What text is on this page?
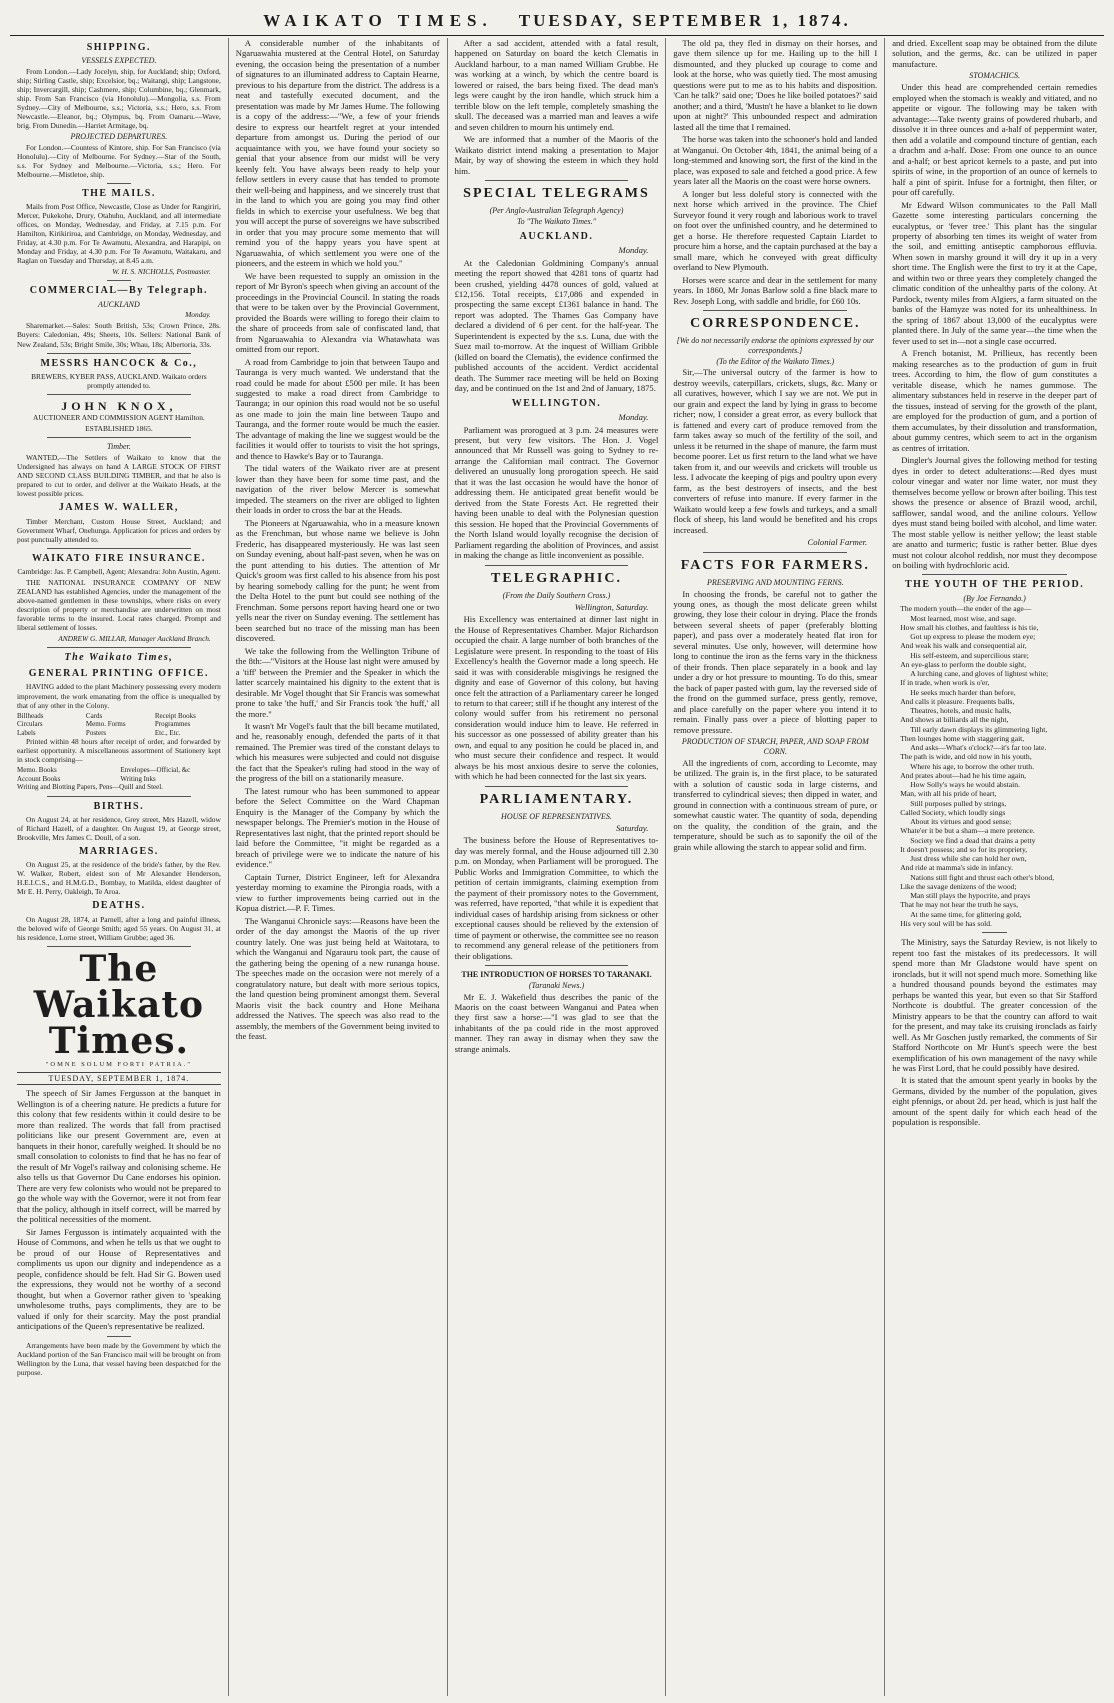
WAIKATO TIMES. TUESDAY, SEPTEMBER 1, 1874.
SHIPPING.
VESSELS EXPECTED.

From London.—Lady Jocelyn, ship, for Auckland; ship; Oxford, ship; Stirling Castle, ship; Excelsior, bq.; Waitangi, ship; Langstone, ship; Invercargill, ship; Cashmere, ship; Columbine, bq.; Glenmark, ship. From San Francisco (via Honolulu).—Mongolia, s.s. From Sydney.—City of Melbourne, s.s.; Victoria, s.s.; Hero, s.s. From Newcastle.—Eleanor, bq.; Olympus, bq. From Oamaru.—Wave, brig. From Dunedin.—Harriet Armitage, bq.

PROJECTED DEPARTURES.

For London.—Countess of Kintore, ship. For San Francisco (via Honolulu).—City of Melbourne. For Sydney.—Star of the South, s.s. For Sydney and Melbourne.—Victoria, s.s.; Hero. For Melbourne.—Mistletoe, ship.

THE MAILS.

Mails from Post Office, Newcastle, Close as Under for Rangiriri, Mercer, Pukekohe, Drury, Otahuhu, Auckland, and all intermediate offices, on Monday, Wednesday, and Friday, at 7.15 p.m. For Hamilton, Kirikiriroa, and Cambridge, on Monday, Wednesday, and Friday, at 4.30 p.m. For Te Awamutu, Alexandra, and Harapipi, on Monday and Friday, at 4.30 p.m. For Te Awamutu, Waitakaru, and Raglan on Tuesday and Thursday, at 8.45 a.m.

W. H. S. NICHOLLS, Postmaster.

COMMERCIAL—By Telegraph.
AUCKLAND

Monday.

Sharemarket.—Sales: South British, 53s; Crown Prince, 28s. Buyers: Caledonian, 49s; Sheets, 10s. Sellers: National Bank of New Zealand, 53s; Bright Smile, 30s; Whau, 18s; Albertoria, 33s.

MESSRS HANCOCK & Co.,

BREWERS, KYBER PASS, AUCKLAND. Waikato orders promptly attended to.

JOHN KNOX,

AUCTIONEER AND COMMISSION AGENT Hamilton.

ESTABLISHED 1865.

Timber.

WANTED,—The Settlers of Waikato to know that the Undersigned has always on hand A LARGE STOCK OF FIRST AND SECOND CLASS BUILDING TIMBER, and that he also is prepared to cut to order, and deliver at the Waikato Heads, at the lowest possible prices.

JAMES W. WALLER,

Timber Merchant, Custom House Street, Auckland; and Government Wharf, Onehunga. Application for prices and orders by post punctually attended to.

WAIKATO FIRE INSURANCE.

Cambridge: Jas. P. Campbell, Agent; Alexandra: John Austin, Agent.

THE NATIONAL INSURANCE COMPANY OF NEW ZEALAND has established Agencies, under the management of the above-named gentlemen in these townships, where risks on every description of property or merchandise are underwritten on most favorable terms to the insured. Local rates charged. Prompt and liberal settlement of losses.

ANDREW G. MILLAR, Manager Auckland Branch.

The Waikato Times,
GENERAL PRINTING OFFICE.

HAVING added to the plant Machinery possessing every modern improvement, the work emanating from the office is unequalled by that of any other in the Colony.

Billheads	Cards	Receipt Books
Circulars	Memo. Forms	Programmes
Labels	Posters	Etc., Etc.

Printed within 48 hours after receipt of order, and forwarded by earliest opportunity. A miscellaneous assortment of Stationery kept in stock comprising—

Memo. Books	Envelopes—Official, &c
Account Books	Writing Inks
Writing and Blotting Papers, Pens—Quill and Steel.
BIRTHS.

On August 24, at her residence, Grey street, Mrs Hazell, widow of Richard Hazell, of a daughter. On August 19, at George street, Brookville, Mrs James C. Doull, of a son.

MARRIAGES.

On August 25, at the residence of the bride's father, by the Rev. W. Walker, Robert, eldest son of Mr Alexander Henderson, H.E.I.C.S., and H.M.G.D., Bombay, to Matilda, eldest daughter of Mr E. H. Perry, Oakleigh, Te Aroa.

DEATHS.

On August 28, 1874, at Parnell, after a long and painful illness, the beloved wife of George Smith; aged 55 years. On August 31, at his residence, Lorne street, William Grubbe; aged 36.

The Waikato Times.
"OMNE SOLUM FORTI PATRIA."
TUESDAY, SEPTEMBER 1, 1874.

The speech of Sir James Fergusson at the banquet in Wellington is of a cheering nature. He predicts a future for this colony that few residents within it could desire to be more than realized. The words that fall from practised politicians like our present Government are, even at banquets in their honor, carefully weighed. It should be no small consolation to colonists to find that he has no fear of the result of Mr Vogel's railway and colonising scheme. He also tells us that Governor Du Cane endorses his opinion. There are very few colonists who would not be prepared to go the whole way with the Governor, were it not from fear that the policy, although in itself correct, will be marred by the political necessities of the moment.

Sir James Fergusson is intimately acquainted with the House of Commons, and when he tells us that we ought to be proud of our House of Representatives and compliments us upon our dignity and independence as a people, confidence should be felt. Had Sir G. Bowen used the expressions, they would not be worthy of a second thought, but when a Governor rather given to 'speaking unwholesome truths, pays compliments, they are to be valued if only for their scarcity. May the post prandial anticipations of the Queen's representative be realized.

Arrangements have been made by the Government by which the Auckland portion of the San Francisco mail will be brought on from Wellington by the Luna, that vessel having been despatched for the purpose.

A considerable number of the inhabitants of Ngaruawahia mustered at the Central Hotel, on Saturday evening, the occasion being the presentation of a number of signatures to an illuminated address to Captain Hearne, previous to his departure from the district. The address is a neat and tastefully executed document, and the presentation was made by Mr James Hume. The following is a copy of the address:—"We, a few of your friends desire to express our heartfelt regret at your intended departure from amongst us. During the period of our acquaintance with you, we have found your society so genial that your absence from our midst will be very keenly felt. You have always been ready to help your fellow settlers in every cause that has tended to promote their well-being and happiness, and we sincerely trust that in the land to which you are going you may find other fields in which to exercise your usefulness. We beg that you will accept the purse of sovereigns we have subscribed in order that you may procure some memento that will remind you of the happy years you have spent at Ngaruawahia, of which settlement you were one of the pioneers, and the esteem in which we hold you."

We have been requested to supply an omission in the report of Mr Byron's speech when giving an account of the proceedings in the Provincial Council. In stating the roads that were to be taken over by the Provincial Government, provided the Boards were willing to forego their claim to the share of proceeds from sale of confiscated land, that from Ngaruawahia to Alexandra via Whatawhata was omitted from our report.

A road from Cambridge to join that between Taupo and Tauranga is very much wanted. We understand that the road could be made for about £500 per mile. It has been suggested to make a road direct from Cambridge to Tauranga; in our opinion this road would not be so useful as one made to join the main line between Taupo and Tauranga, and the former route would be much the easier. The advantage of making the line we suggest would be the facilities it would offer to tourists to visit the hot springs, and thence to Hawke's Bay or to Tauranga.

The tidal waters of the Waikato river are at present lower than they have been for some time past, and the navigation of the river below Mercer is somewhat impeded. The steamers on the river are obliged to lighten their loads in order to cross the bar at the Heads.

The Pioneers at Ngaruawahia, who in a measure known as the Frenchman, but whose name we believe is John Frederic, has disappeared mysteriously. He was last seen on Sunday evening, about half-past seven, when he was on the punt attending to his duties. The attention of Mr Quick's groom was first called to his absence from his post by hearing somebody calling for the punt; he went from the Delta Hotel to the punt but could see nothing of the Frenchman. Some persons report having heard one or two yells near the river on Sunday evening. The settlement has been searched but no trace of the missing man has been discovered.

We take the following from the Wellington Tribune of the 8th:—"Visitors at the House last night were amused by a 'tiff' between the Premier and the Speaker in which the latter scarcely maintained his dignity to the extent that is desirable. Mr Vogel thought that Sir Francis was somewhat prone to take 'the huff,' and Sir Francis took 'the huff,' all the more."

It wasn't Mr Vogel's fault that the bill became mutilated, and he, reasonably enough, defended the parts of it that remained. The Premier was tired of the constant delays to which his measures were subjected and could not disguise the fact that the Speaker's ruling had stood in the way of the progress of the bill on a stationarily measure.

The latest rumour who has been summoned to appear before the Select Committee on the Ward Chapman Enquiry is the Manager of the Company by which the newspaper belongs. The Premier's motion in the House of Representatives last night, that the printed report should be laid before the Committee, "it might be regarded as a breach of privilege were we to indicate the nature of his evidence."

Captain Turner, District Engineer, left for Alexandra yesterday morning to examine the Pirongia roads, with a view to further improvements being carried out in the Kopua district.—P. F. Times.

The Wanganui Chronicle says:—Reasons have been the order of the day amongst the Maoris of the up river country lately. One was just being held at Waitotara, to which the Wanganui and Ngarauru took part, the cause of the gathering being the opening of a new runanga house. The speeches made on the occasion were not merely of a congratulatory nature, but dealt with more serious topics, the land question being prominent amongst them. Several Maoris visit the back country and Hone Meihana addressed the Natives. The speech was also read to the assembly, the members of the Government being invited to the feast.

After a sad accident, attended with a fatal result, happened on Saturday on board the ketch Clematis in Auckland harbour, to a man named William Grubbe. He was working at a winch, by which the centre board is lowered or raised, the bars being fixed. The dead man's legs were caught by the iron handle, which struck him a terrible blow on the left temple, completely smashing the skull. The deceased was a married man and leaves a wife and seven children to mourn his untimely end.

We are informed that a number of the Maoris of the Waikato district intend making a presentation to Major Mair, by way of showing the esteem in which they hold him.

SPECIAL TELEGRAMS
(Per Anglo-Australian Telegraph Agency)
To "The Waikato Times."
AUCKLAND.

Monday.

At the Caledonian Goldmining Company's annual meeting the report showed that 4281 tons of quartz had been crushed, yielding 4478 ounces of gold, valued at £12,156. Total receipts, £17,086 and expended in prospecting the same except £1361 balance in hand. The report was adopted. The Thames Gas Company have declared a dividend of 6 per cent. for the half-year. The Superintendent is expected by the s.s. Luna, due with the Suez mail to-morrow. At the inquest of William Gribble (killed on board the Clematis), the evidence confirmed the published accounts of the accident. Verdict accidental death. The Summer race meeting will be held on Boxing day, and be continued on the 1st and 2nd of January, 1875.

WELLINGTON.

Monday.

Parliament was prorogued at 3 p.m. 24 measures were present, but very few visitors. The Hon. J. Vogel announced that Mr Russell was going to Sydney to re-arrange the Californian mail contract. The Governor delivered an unusually long prorogation speech. He said that it was the last occasion he would have the honor of addressing them. He anticipated great benefit would be derived from the State Forests Act. He regretted their having been unable to deal with the Polynesian question this session. He hoped that the Provincial Governments of the North Island would loyally recognise the decision of Parliament regarding the abolition of Provinces, and assist in making the change as little inconvenient as possible.

TELEGRAPHIC.
(From the Daily Southern Cross.)

Wellington, Saturday.

His Excellency was entertained at dinner last night in the House of Representatives Chamber. Major Richardson occupied the chair. A large number of both branches of the Legislature were present. In responding to the toast of His Excellency's health the Governor made a long speech. He said it was with considerable misgivings he resigned the dignity and ease of Governor of this colony, but having once felt the attraction of a Parliamentary career he longed to return to that career; still if he thought any interest of the colony would suffer from his retirement no personal consideration would induce him to leave. He referred in his successor as one possessed of ability greater than his own, and equal to any position he could be placed in, and who must secure their confidence and respect. It would always be his most anxious desire to serve the colonies, with which he had been connected for the last six years.

PARLIAMENTARY.
HOUSE OF REPRESENTATIVES.

Saturday.

The business before the House of Representatives to-day was merely formal, and the House adjourned till 2.30 p.m. on Monday, when Parliament will be prorogued. The Public Works and Immigration Committee, to which the petition of certain immigrants, claiming exemption from the payment of their promissory notes to the Government, was referred, have reported, "that while it is expedient that individual cases of hardship arising from sickness or other exceptional causes should be relieved by the extension of time of payment or otherwise, the committee see no reason to recommend any general release of the petitioners from their obligations.

THE INTRODUCTION OF HORSES TO TARANAKI.
(Taranaki News.)

Mr E. J. Wakefield thus describes the panic of the Maoris on the coast between Wanganui and Patea when they first saw a horse:—"I was glad to see that the inhabitants of the pa could ride in the most approved manner. They ran away in dismay when they saw the strange animals.

The old pa, they fled in dismay on their horses, and gave them silence up for me. Hailing up to the hill I dismounted, and they plucked up courage to come and look at the horse, who was quietly tied. The most amusing questions were put to me as to his habits and disposition. 'Can he talk?' said one; 'Does he like boiled potatoes?' said another; and a third, 'Mustn't he have a blanket to lie down upon at night?' This unbounded respect and admiration lasted all the time that I remained.

The horse was taken into the schooner's hold and landed at Wanganui. On October 4th, 1841, the animal being of a long-stemmed and knowing sort, the first of the kind in the place, was exposed to sale and fetched a good price. A few years later all the Maoris on the coast were horse owners.

A longer but less doleful story is connected with the next horse which arrived in the province. The Chief Surveyor found it very rough and laborious work to travel on foot over the unfinished country, and he determined to get a horse. He therefore requested Captain Liardet to procure him a horse, and the captain purchased at the bay a small mare, which he conveyed with great difficulty overland to New Plymouth.

Horses were scarce and dear in the settlement for many years. In 1860, Mr Jonas Barlow sold a fine black mare to Rev. Joseph Long, with saddle and bridle, for £60 10s.

CORRESPONDENCE.
[We do not necessarily endorse the opinions expressed by our correspondents.]
(To the Editor of the Waikato Times.)

Sir,—The universal outcry of the farmer is how to destroy weevils, caterpillars, crickets, slugs, &c. Many or all curatives, however, which I say we are not. We put in our grain and expect the land by lying in grass to become richer; now, I consider a great error, as every bullock that is fattened and every cart of produce removed from the farm takes away so much of the fertility of the soil, and unless it be returned in the shape of manure, the farm must become poorer. Let us first return to the land what we have taken from it, and our weevils and crickets will trouble us less. I advocate the keeping of pigs and poultry upon every farm, as the best destroyers of insects, and the best converters of refuse into manure. If every farmer in the Waikato would keep a few fowls and turkeys, and a small flock of sheep, his land would be benefited and his crops increased.

Colonial Farmer.

FACTS FOR FARMERS.
PRESERVING AND MOUNTING FERNS.

In choosing the fronds, be careful not to gather the young ones, as though the most delicate green whilst growing, they lose their colour in drying. Place the fronds between several sheets of paper (preferably blotting paper), and pass over a moderately heated flat iron for several minutes. Use only, however, will determine how long to continue the iron as the ferns vary in the thickness of their fronds. Then place separately in a book and lay under a dry or hot pressure to mounting. To do this, smear the back of paper pasted with gum, lay the reversed side of the frond on the gummed surface, press gently, remove, and place carefully on the paper where you intend it to remain. Finally pass over a piece of blotting paper to remove pressure.

PRODUCTION OF STARCH, PAPER, AND SOAP FROM CORN.

All the ingredients of corn, according to Lecomte, may be utilized. The grain is, in the first place, to be saturated with a solution of caustic soda in large cisterns, and transferred to cylindrical sieves; then dipped in water, and ground in connection with a continuous stream of pure, or somewhat caustic water. The quantity of soda, depending on the quality, the condition of the grain, and the temperature, should be such as to saponify the oil of the grain while allowing the starch to appear solid and firm.

and dried. Excellent soap may be obtained from the dilute solution, and the germs, &c. can be utilized in paper manufacture.

STOMACHICS.

Under this head are comprehended certain remedies employed when the stomach is weakly and vitiated, and no appetite or vigour. The following may be taken with advantage:—Take twenty grains of powdered rhubarb, and dissolve it in three ounces and a-half of peppermint water, then add a volatile and compound tincture of gentian, each a drachm and a-half. Dose: From one ounce to an ounce and a-half; or best apricot kernels to a paste, and put into spirits of wine, in the proportion of an ounce of kernels to half a pint of spirit. Infuse for a fortnight, then filter, or pour off carefully.

Mr Edward Wilson communicates to the Pall Mall Gazette some interesting particulars concerning the eucalyptus, or 'fever tree.' This plant has the singular property of absorbing ten times its weight of water from the soil, and emitting antiseptic camphorous effluvia. When sown in marshy ground it will dry it up in a very short time. The English were the first to try it at the Cape, and within two or three years they completely changed the climatic condition of the unhealthy parts of the colony. At Pardock, twenty miles from Algiers, a farm situated on the banks of the Hamyze was noted for its unhealthiness. In the spring of 1867 about 13,000 of the eucalyptus were planted there. In July of the same year—the time when the fever used to set in—not a single case occurred.

A French botanist, M. Prillieux, has recently been making researches as to the production of gum in fruit trees. According to him, the flow of gum constitutes a veritable disease, which he names gummose. The alimentary substances held in reserve in the deeper part of the tissues, instead of serving for the growth of the plant, are employed for the production of gum, and a portion of them accumulates, by their dissolution and transformation, about gummy centres, which seem to act in the organism as centres of irritation.

Dingler's Journal gives the following method for testing dyes in order to detect adulterations:—Red dyes must colour vinegar and water nor lime water, nor must they themselves become yellow or brown after boiling. This test shows the presence or absence of Brazil wood, archil, safflower, sandal wood, and the aniline colours. Yellow dyes must stand being boiled with alcohol, and lime water. The most stable yellow is neither yellow; the least stable are anatto and turmeric; fustic is rather better. Blue dyes must not colour alcohol reddish, nor must they decompose on boiling with hydrochloric acid.

THE YOUTH OF THE PERIOD.
(By Joe Fernando.)

The modern youth—the ender of the age—

Most learned, most wise, and sage.

How small his clothes, and faultless is his tie,

Got up express to please the modern eye;

And weak his walk and consequential air,

His self-esteem, and supercilious stare;

An eye-glass to perform the double sight,

A lurching cane, and gloves of lightest white;

If in trade, when work is o'er,

He seeks much harder than before,

And calls it pleasure. Frequents balls,

Theatres, hotels, and music halls,

And shows at billiards all the night,

Till early dawn displays its glimmering light,

Then lounges home with staggering gait,

And asks—What's o'clock?—it's far too late.

The path is wide, and old now in his youth,

Where his age, to borrow the other truth.

And prates about—had he his time again,

How Solly's ways he would abstain.

Man, with all his pride of heart,

Still purposes pulled by strings,

Called Society, which loudly sings

About its virtues and good sense;

Whate'er it be but a sham—a mere pretence.

Society we find a dead that drains a petty

It doesn't possess; and so for its propriety,

Just dress while she can hold her own,

And ride at mamma's side in infancy.

Nations still fight and thrust each other's blood,

Like the savage denizens of the wood;

Man still plays the hypocrite, and prays

That he may not hear the truth he says,

At the same time, for glittering gold,

His very soul will be has sold.

The Ministry, says the Saturday Review, is not likely to repent too fast the mistakes of its predecessors. It will spend more than Mr Gladstone would have spent on ironclads, but it will not spend much more. Something like a hundred thousand pounds beyond the estimates may perhaps be wanted this year, but even so that Sir Stafford Northcote is doubtful. The greater concession of the Ministry appears to be that the country can afford to wait for the present, and may take its cruising ironclads as fairly well. As Mr Goschen justly remarked, the comments of Sir Stafford Northcote on Mr Hunt's speech were the best exemplification of his own management of the navy while he was First Lord, that he could possibly have desired.

It is stated that the amount spent yearly in books by the Germans, divided by the number of the population, gives eight pfennigs, or about 2d. per head, which is just half the amount of the spent daily for which each head of the population is responsible.
